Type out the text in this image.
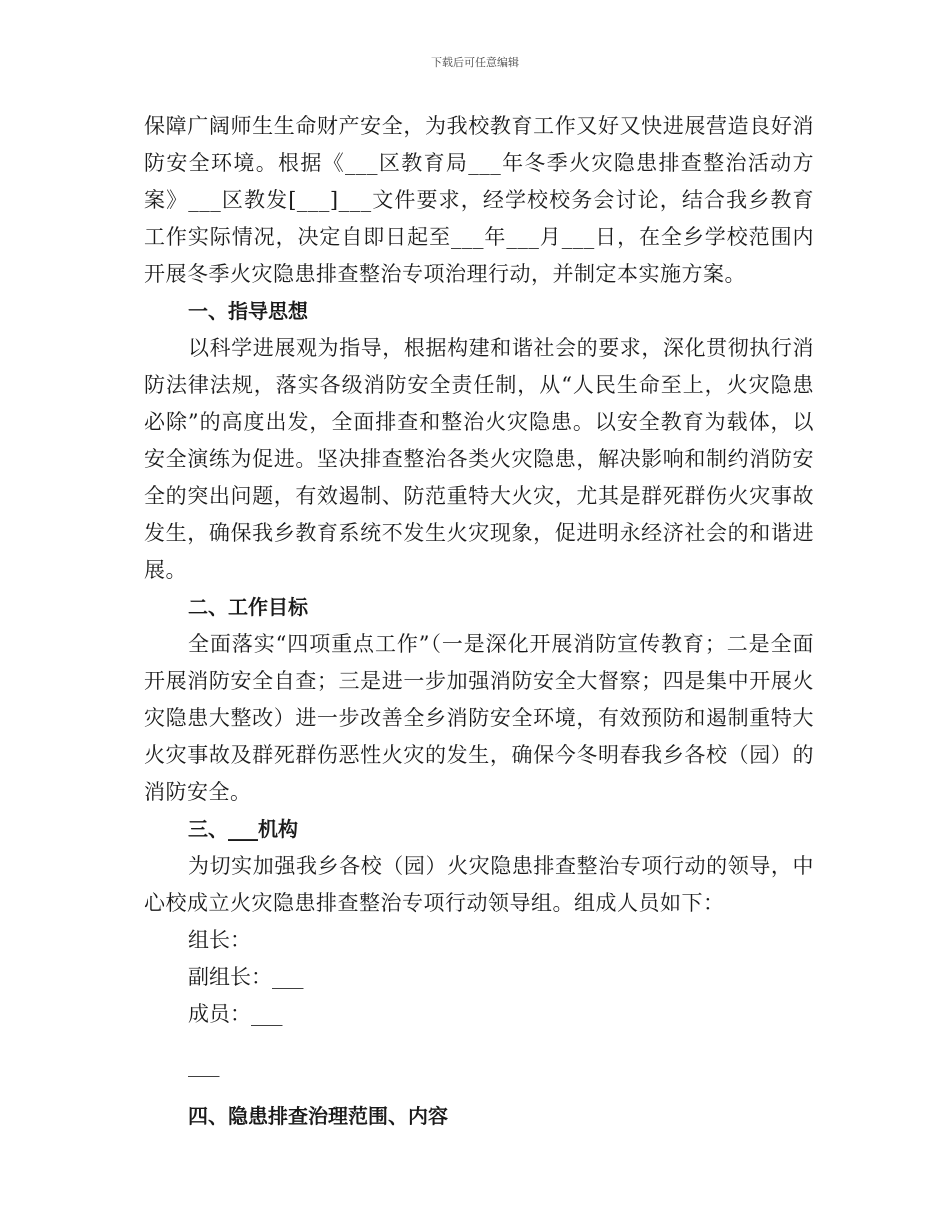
下载后可任意编辑

保障广阔师生生命财产安全，为我校教育工作又好又快进展营造良好消防安全环境。根据《___区教育局___年冬季火灾隐患排查整治活动方案》___区教发[___]___文件要求，经学校校务会讨论，结合我乡教育工作实际情况，决定自即日起至___年___月___日，在全乡学校范围内开展冬季火灾隐患排查整治专项治理行动，并制定本实施方案。

一、指导思想

以科学进展观为指导，根据构建和谐社会的要求，深化贯彻执行消防法律法规，落实各级消防安全责任制，从“人民生命至上，火灾隐患必除”的高度出发，全面排查和整治火灾隐患。以安全教育为载体，以安全演练为促进。坚决排查整治各类火灾隐患，解决影响和制约消防安全的突出问题，有效遏制、防范重特大火灾，尤其是群死群伤火灾事故发生，确保我乡教育系统不发生火灾现象，促进明永经济社会的和谐进展。

二、工作目标

全面落实“四项重点工作”（一是深化开展消防宣传教育；二是全面开展消防安全自查；三是进一步加强消防安全大督察；四是集中开展火灾隐患大整改）进一步改善全乡消防安全环境，有效预防和遏制重特大火灾事故及群死群伤恶性火灾的发生，确保今冬明春我乡各校（园）的消防安全。

三、___机构

为切实加强我乡各校（园）火灾隐患排查整治专项行动的领导，中心校成立火灾隐患排查整治专项行动领导组。组成人员如下：

组长：

副组长：___

成员：___

___

四、隐患排查治理范围、内容
